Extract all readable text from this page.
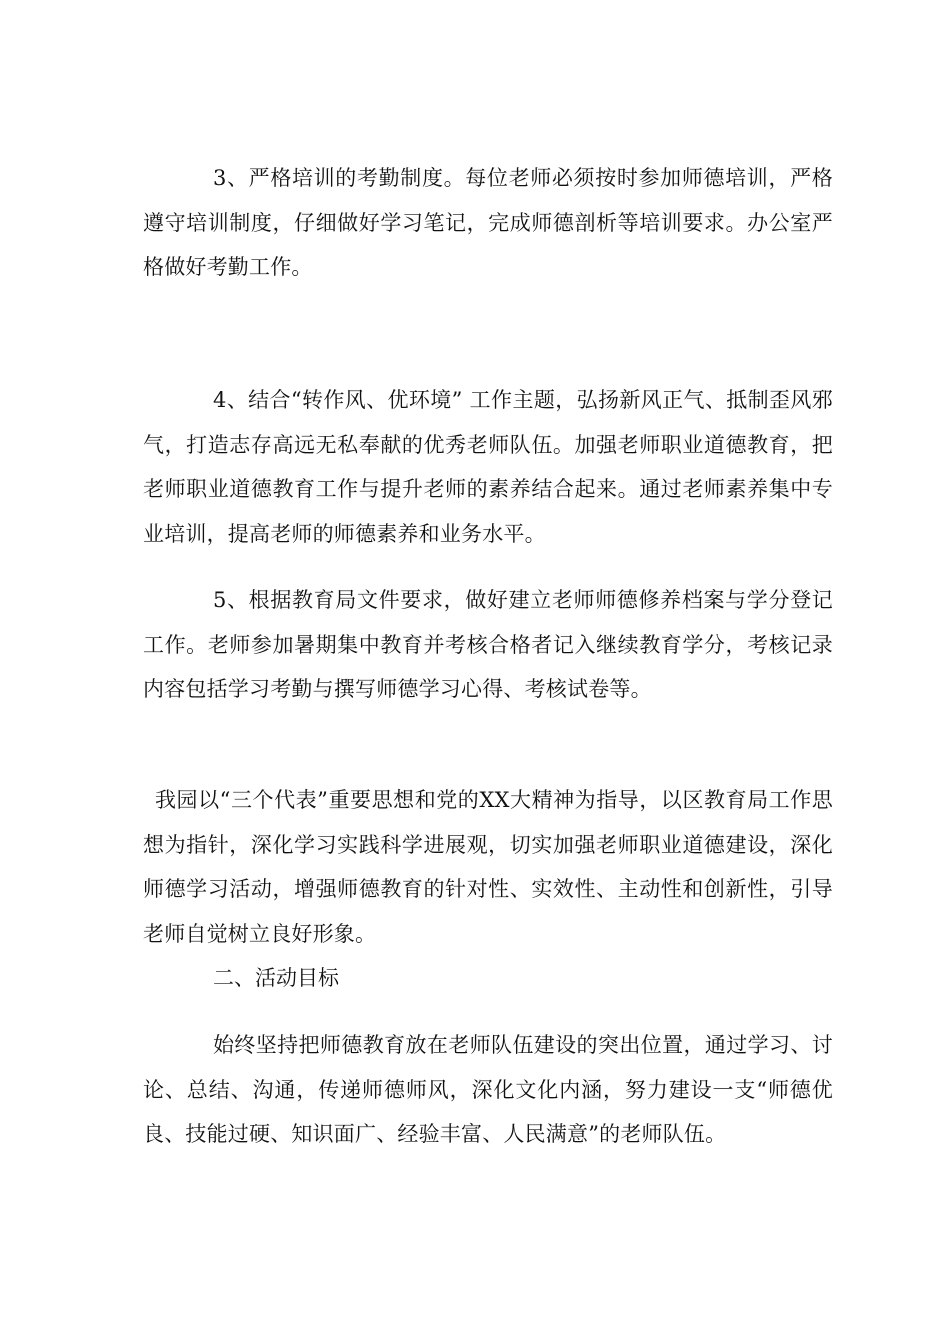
3、严格培训的考勤制度。每位老师必须按时参加师德培训，严格遵守培训制度，仔细做好学习笔记，完成师德剖析等培训要求。办公室严格做好考勤工作。

4、结合“转作风、优环境” 工作主题，弘扬新风正气、抵制歪风邪气，打造志存高远无私奉献的优秀老师队伍。加强老师职业道德教育，把老师职业道德教育工作与提升老师的素养结合起来。通过老师素养集中专业培训，提高老师的师德素养和业务水平。

5、根据教育局文件要求，做好建立老师师德修养档案与学分登记工作。老师参加暑期集中教育并考核合格者记入继续教育学分，考核记录内容包括学习考勤与撰写师德学习心得、考核试卷等。

我园以“三个代表”重要思想和党的XX大精神为指导，以区教育局工作思想为指针，深化学习实践科学进展观，切实加强老师职业道德建设，深化师德学习活动，增强师德教育的针对性、实效性、主动性和创新性，引导老师自觉树立良好形象。

二、活动目标

始终坚持把师德教育放在老师队伍建设的突出位置，通过学习、讨论、总结、沟通，传递师德师风，深化文化内涵，努力建设一支“师德优良、技能过硬、知识面广、经验丰富、人民满意”的老师队伍。
